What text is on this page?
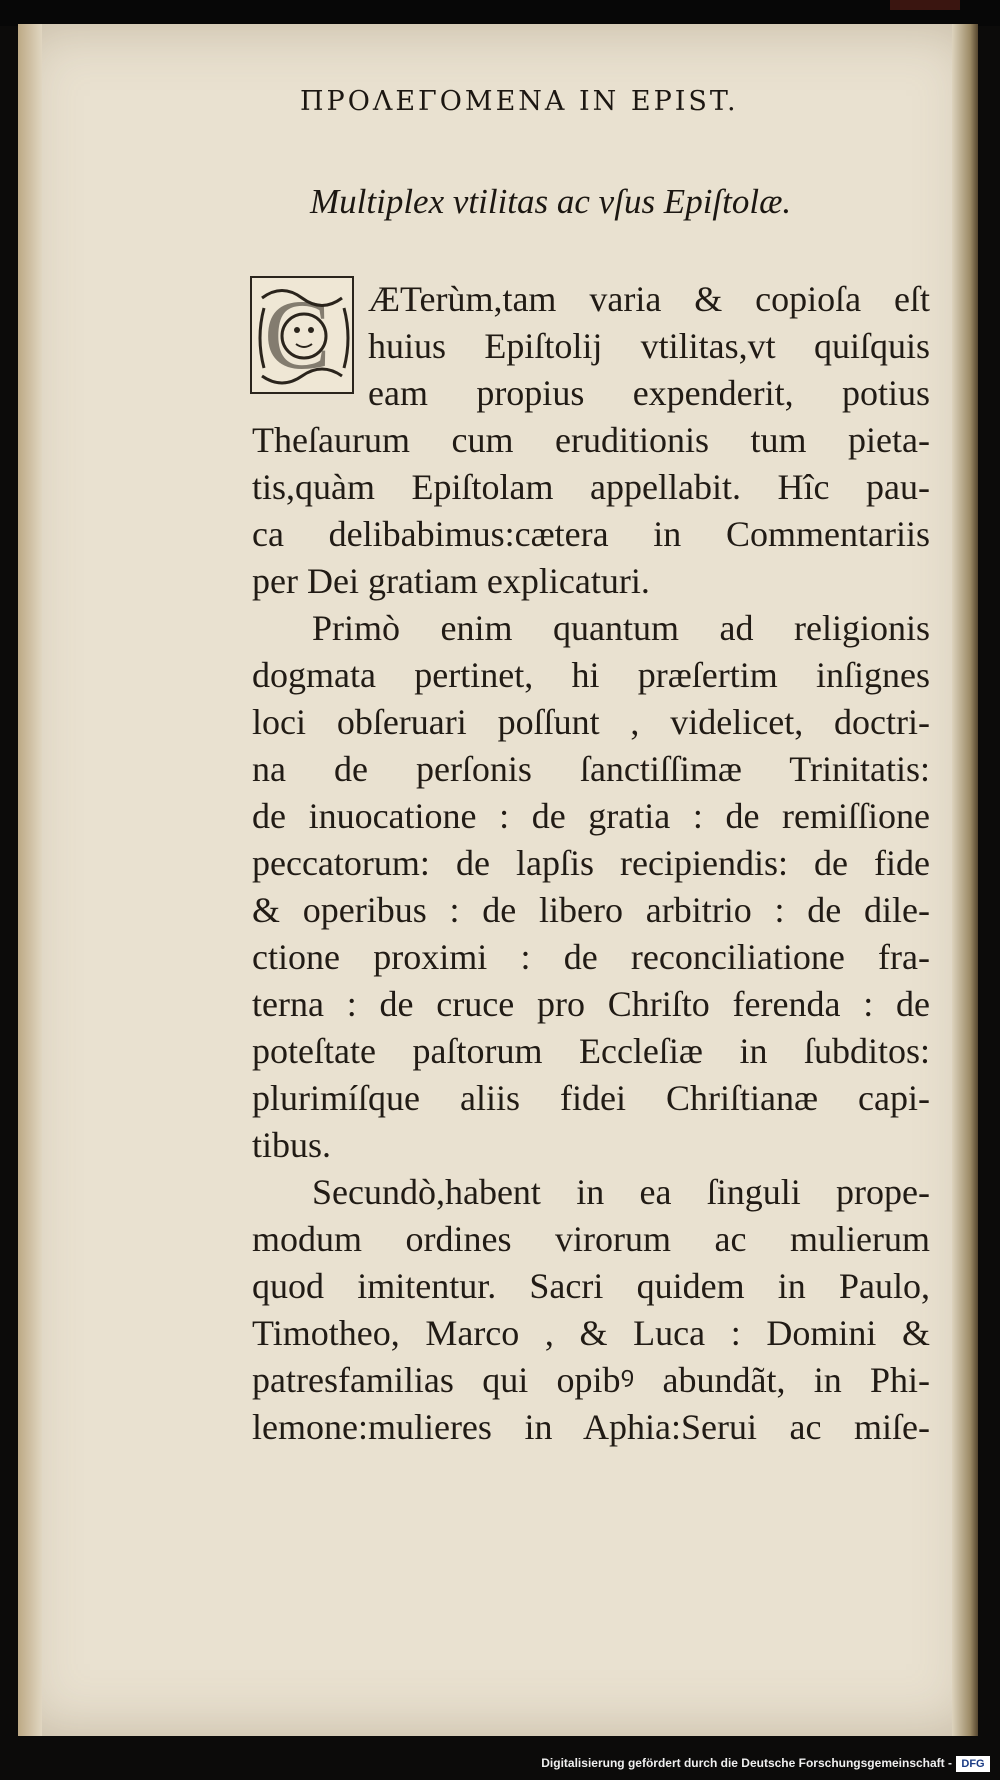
ΠΡΟΛΕΓΟΜΕΝΑ ΙΝ ΕΡΙST.
Multiplex vtilitas ac vſus Epiſtolæ.
C	ÆTerùm,tam varia & copioſa eſt
huius Epiſtolij vtilitas,vt quiſquis
eam propius expenderit, potius
Theſaurum cum eruditionis tum pieta-
tis,quàm Epiſtolam appellabit. Hîc pau-
ca delibabimus:cætera in Commentariis
per Dei gratiam explicaturi.
Primò enim quantum ad religionis
dogmata pertinet, hi præſertim inſignes
loci obſeruari poſſunt , videlicet, doctri-
na de perſonis ſanctiſſimæ Trinitatis:
de inuocatione : de gratia : de remiſſione
peccatorum: de lapſis recipiendis: de fide
& operibus : de libero arbitrio : de dile-
ctione proximi : de reconciliatione fra-
terna : de cruce pro Chriſto ferenda : de
poteſtate paſtorum Eccleſiæ in ſubditos:
plurimíſque aliis fidei Chriſtianæ capi-
tibus.
Secundò,habent in ea ſinguli prope-
modum ordines virorum ac mulierum
quod imitentur. Sacri quidem in Paulo,
Timotheo, Marco , & Luca : Domini &
patresfamilias qui opibꝰ abundãt, in Phi-
lemone:mulieres in Aphia:Serui ac miſe-
Digitalisierung gefördert durch die Deutsche Forschungsgemeinschaft - DFG
